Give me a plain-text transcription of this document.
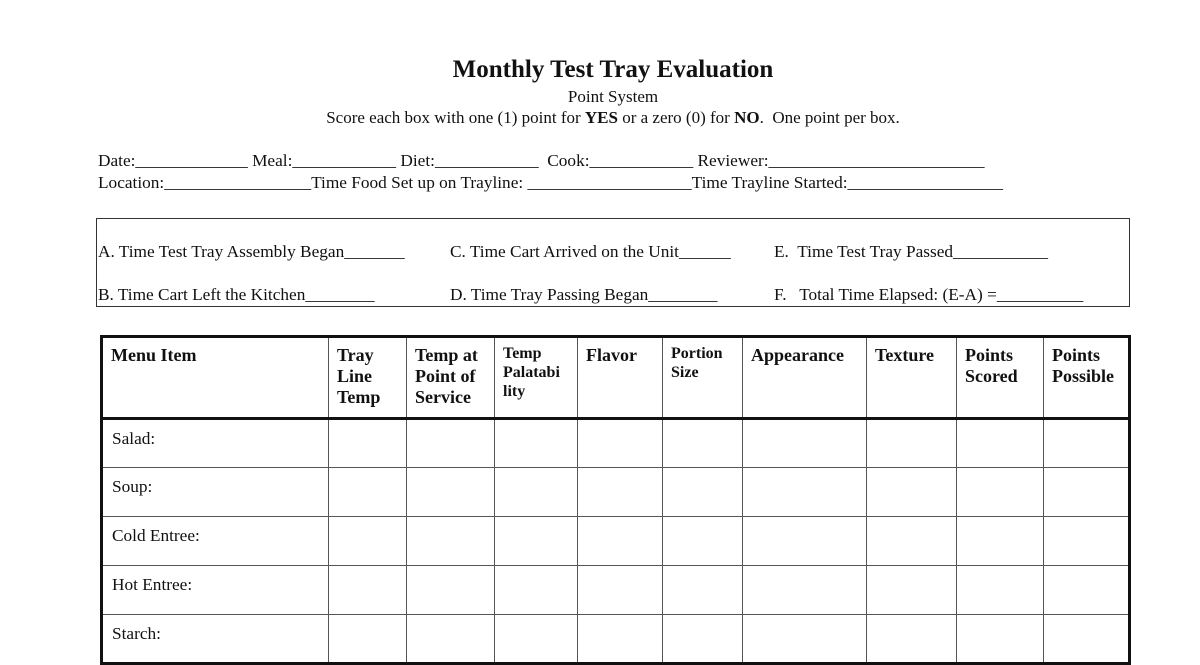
Monthly Test Tray Evaluation
Point System
Score each box with one (1) point for YES or a zero (0) for NO.  One point per box.
Date:_____________ Meal:____________ Diet:____________  Cook:____________ Reviewer:_________________________
Location:_________________Time Food Set up on Trayline: ___________________Time Trayline Started:__________________
A. Time Test Tray Assembly Began_______
B. Time Cart Left the Kitchen________
C. Time Cart Arrived on the Unit______
D. Time Tray Passing Began________
E.  Time Test Tray Passed___________
F.   Total Time Elapsed: (E-A) =__________
Menu Item	Tray Line Temp	Temp at Point of Service	Temp Palatabi lity	Flavor	Portion Size	Appearance	Texture	Points Scored	Points Possible
Salad:									
Soup:									
Cold Entree:									
Hot Entree:									
Starch:									
